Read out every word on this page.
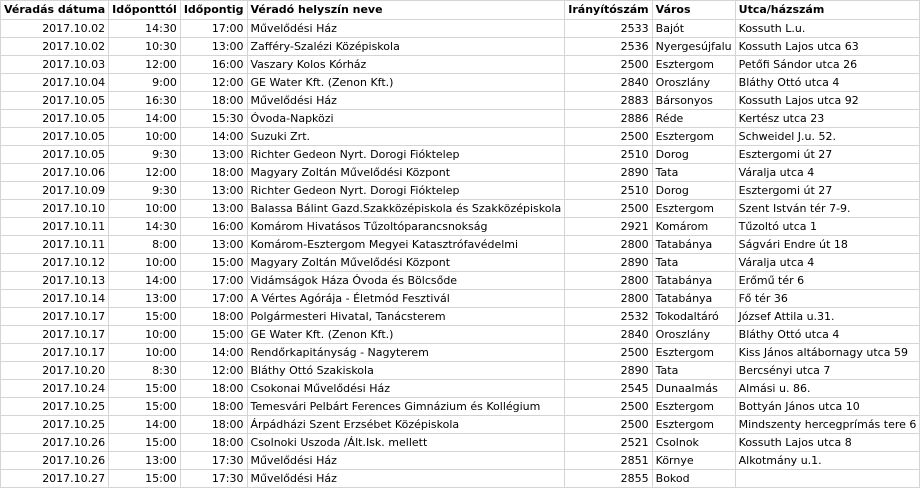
Véradás dátuma	Időponttól	Időpontig	Véradó helyszín neve	Irányítószám	Város	Utca/házszám
2017.10.02	14:30	17:00	Művelődési Ház	2533	Bajót	Kossuth L.u.
2017.10.02	10:30	13:00	Zafféry-Szalézi Középiskola	2536	Nyergesújfalu	Kossuth Lajos utca 63
2017.10.03	12:00	16:00	Vaszary Kolos Kórház	2500	Esztergom	Petőfi Sándor utca 26
2017.10.04	9:00	12:00	GE Water Kft. (Zenon Kft.)	2840	Oroszlány	Bláthy Ottó utca 4
2017.10.05	16:30	18:00	Művelődési Ház	2883	Bársonyos	Kossuth Lajos utca 92
2017.10.05	14:00	15:30	Óvoda-Napközi	2886	Réde	Kertész utca 23
2017.10.05	10:00	14:00	Suzuki Zrt.	2500	Esztergom	Schweidel J.u. 52.
2017.10.05	9:30	13:00	Richter Gedeon Nyrt. Dorogi Fióktelep	2510	Dorog	Esztergomi út 27
2017.10.06	12:00	18:00	Magyary Zoltán Művelődési Központ	2890	Tata	Váralja utca 4
2017.10.09	9:30	13:00	Richter Gedeon Nyrt. Dorogi Fióktelep	2510	Dorog	Esztergomi út 27
2017.10.10	10:00	13:00	Balassa Bálint Gazd.Szakközépiskola és Szakközépiskola	2500	Esztergom	Szent István tér 7-9.
2017.10.11	14:30	16:00	Komárom Hivatásos Tűzoltóparancsnokság	2921	Komárom	Tűzoltó utca 1
2017.10.11	8:00	13:00	Komárom-Esztergom Megyei Katasztrófavédelmi	2800	Tatabánya	Ságvári Endre út 18
2017.10.12	10:00	15:00	Magyary Zoltán Művelődési Központ	2890	Tata	Váralja utca 4
2017.10.13	14:00	17:00	Vidámságok Háza Óvoda és Bölcsőde	2800	Tatabánya	Erőmű tér 6
2017.10.14	13:00	17:00	A Vértes Agórája - Életmód Fesztivál	2800	Tatabánya	Fő tér 36
2017.10.17	15:00	18:00	Polgármesteri Hivatal, Tanácsterem	2532	Tokodaltáró	József Attila u.31.
2017.10.17	10:00	15:00	GE Water Kft. (Zenon Kft.)	2840	Oroszlány	Bláthy Ottó utca 4
2017.10.17	10:00	14:00	Rendőrkapitányság - Nagyterem	2500	Esztergom	Kiss János altábornagy utca 59
2017.10.20	8:30	12:00	Bláthy Ottó Szakiskola	2890	Tata	Bercsényi utca 7
2017.10.24	15:00	18:00	Csokonai Művelődési Ház	2545	Dunaalmás	Almási u. 86.
2017.10.25	15:00	18:00	Temesvári Pelbárt Ferences Gimnázium és Kollégium	2500	Esztergom	Bottyán János utca 10
2017.10.25	14:00	18:00	Árpádházi Szent Erzsébet Középiskola	2500	Esztergom	Mindszenty hercegprímás tere 6
2017.10.26	15:00	18:00	Csolnoki Uszoda /Ált.Isk. mellett	2521	Csolnok	Kossuth Lajos utca 8
2017.10.26	13:00	17:30	Művelődési Ház	2851	Környe	Alkotmány u.1.
2017.10.27	15:00	17:30	Művelődési Ház	2855	Bokod	
